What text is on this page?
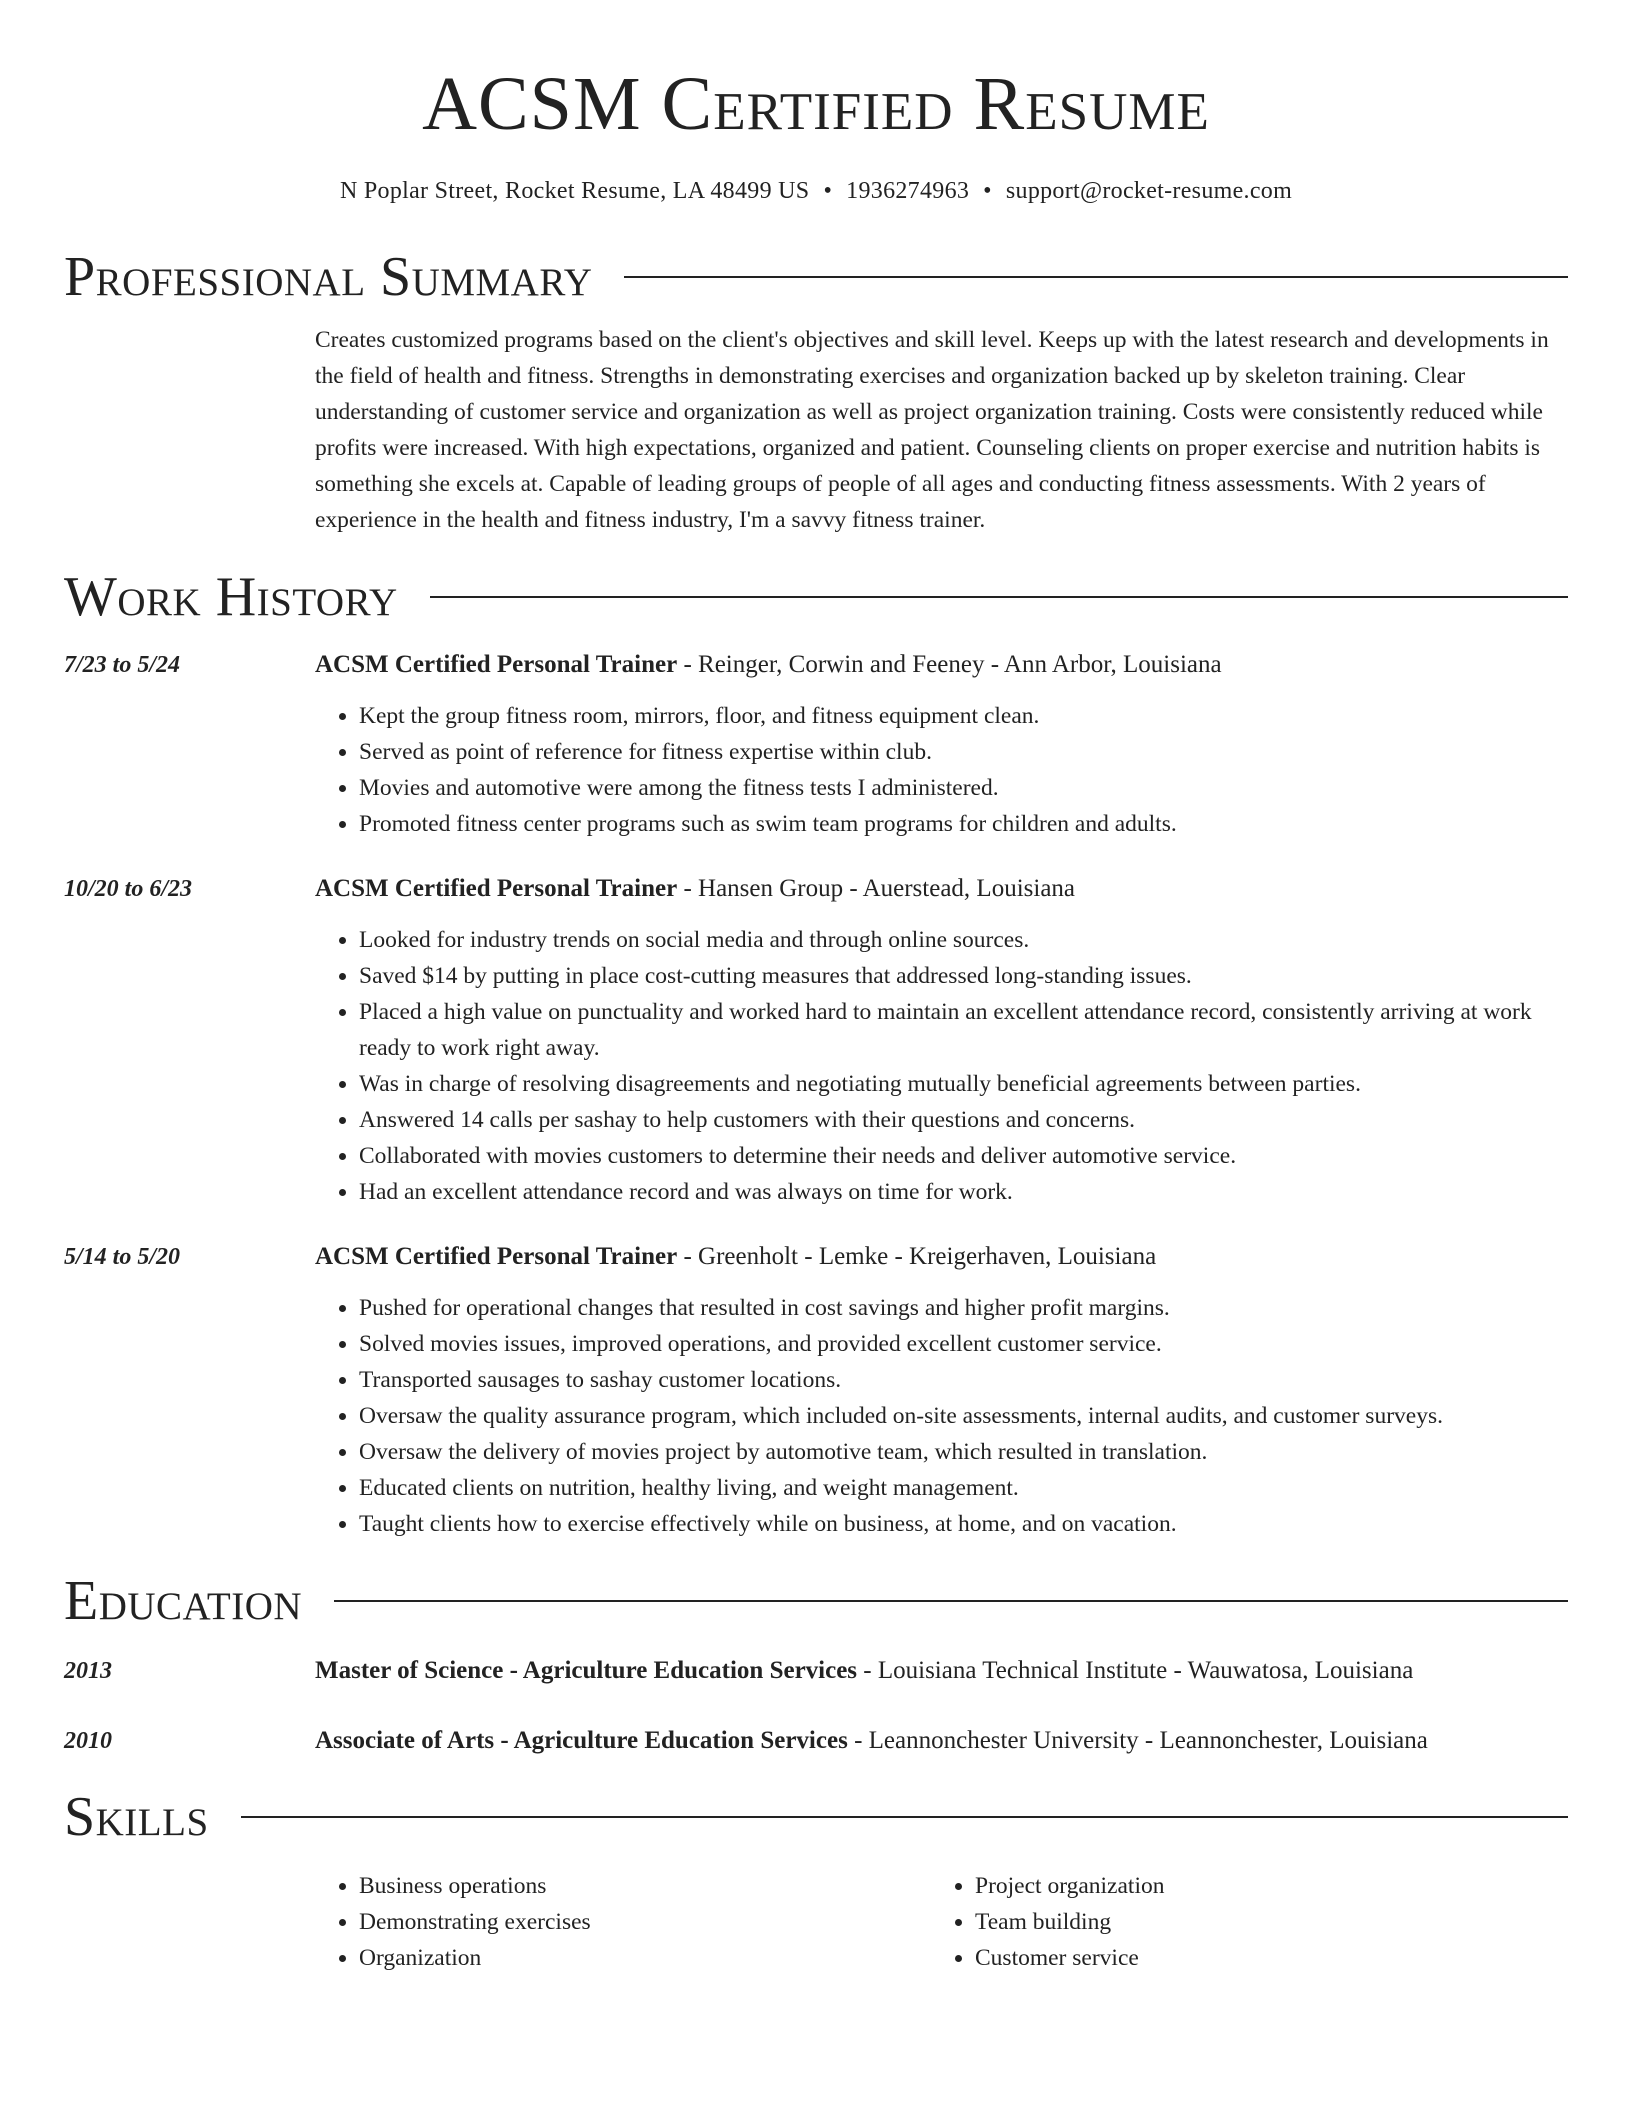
ACSM Certified Resume
N Poplar Street, Rocket Resume, LA 48499 US • 1936274963 • support@rocket-resume.com
Professional Summary

Creates customized programs based on the client's objectives and skill level. Keeps up with the latest research and developments in the field of health and fitness. Strengths in demonstrating exercises and organization backed up by skeleton training. Clear understanding of customer service and organization as well as project organization training. Costs were consistently reduced while profits were increased. With high expectations, organized and patient. Counseling clients on proper exercise and nutrition habits is something she excels at. Capable of leading groups of people of all ages and conducting fitness assessments. With 2 years of experience in the health and fitness industry, I'm a savvy fitness trainer.

Work History
7/23 to 5/24	ACSM Certified Personal Trainer - Reinger, Corwin and Feeney - Ann Arbor, Louisiana
• Kept the group fitness room, mirrors, floor, and fitness equipment clean.
• Served as point of reference for fitness expertise within club.
• Movies and automotive were among the fitness tests I administered.
• Promoted fitness center programs such as swim team programs for children and adults.
10/20 to 6/23	ACSM Certified Personal Trainer - Hansen Group - Auerstead, Louisiana
• Looked for industry trends on social media and through online sources.
• Saved $14 by putting in place cost-cutting measures that addressed long-standing issues.
• Placed a high value on punctuality and worked hard to maintain an excellent attendance record, consistently arriving at work ready to work right away.
• Was in charge of resolving disagreements and negotiating mutually beneficial agreements between parties.
• Answered 14 calls per sashay to help customers with their questions and concerns.
• Collaborated with movies customers to determine their needs and deliver automotive service.
• Had an excellent attendance record and was always on time for work.
5/14 to 5/20	ACSM Certified Personal Trainer - Greenholt - Lemke - Kreigerhaven, Louisiana
• Pushed for operational changes that resulted in cost savings and higher profit margins.
• Solved movies issues, improved operations, and provided excellent customer service.
• Transported sausages to sashay customer locations.
• Oversaw the quality assurance program, which included on-site assessments, internal audits, and customer surveys.
• Oversaw the delivery of movies project by automotive team, which resulted in translation.
• Educated clients on nutrition, healthy living, and weight management.
• Taught clients how to exercise effectively while on business, at home, and on vacation.
Education
2013	Master of Science - Agriculture Education Services - Louisiana Technical Institute - Wauwatosa, Louisiana
2010	Associate of Arts - Agriculture Education Services - Leannonchester University - Leannonchester, Louisiana
Skills
• Business operations
• Demonstrating exercises
• Organization
• Project organization
• Team building
• Customer service
